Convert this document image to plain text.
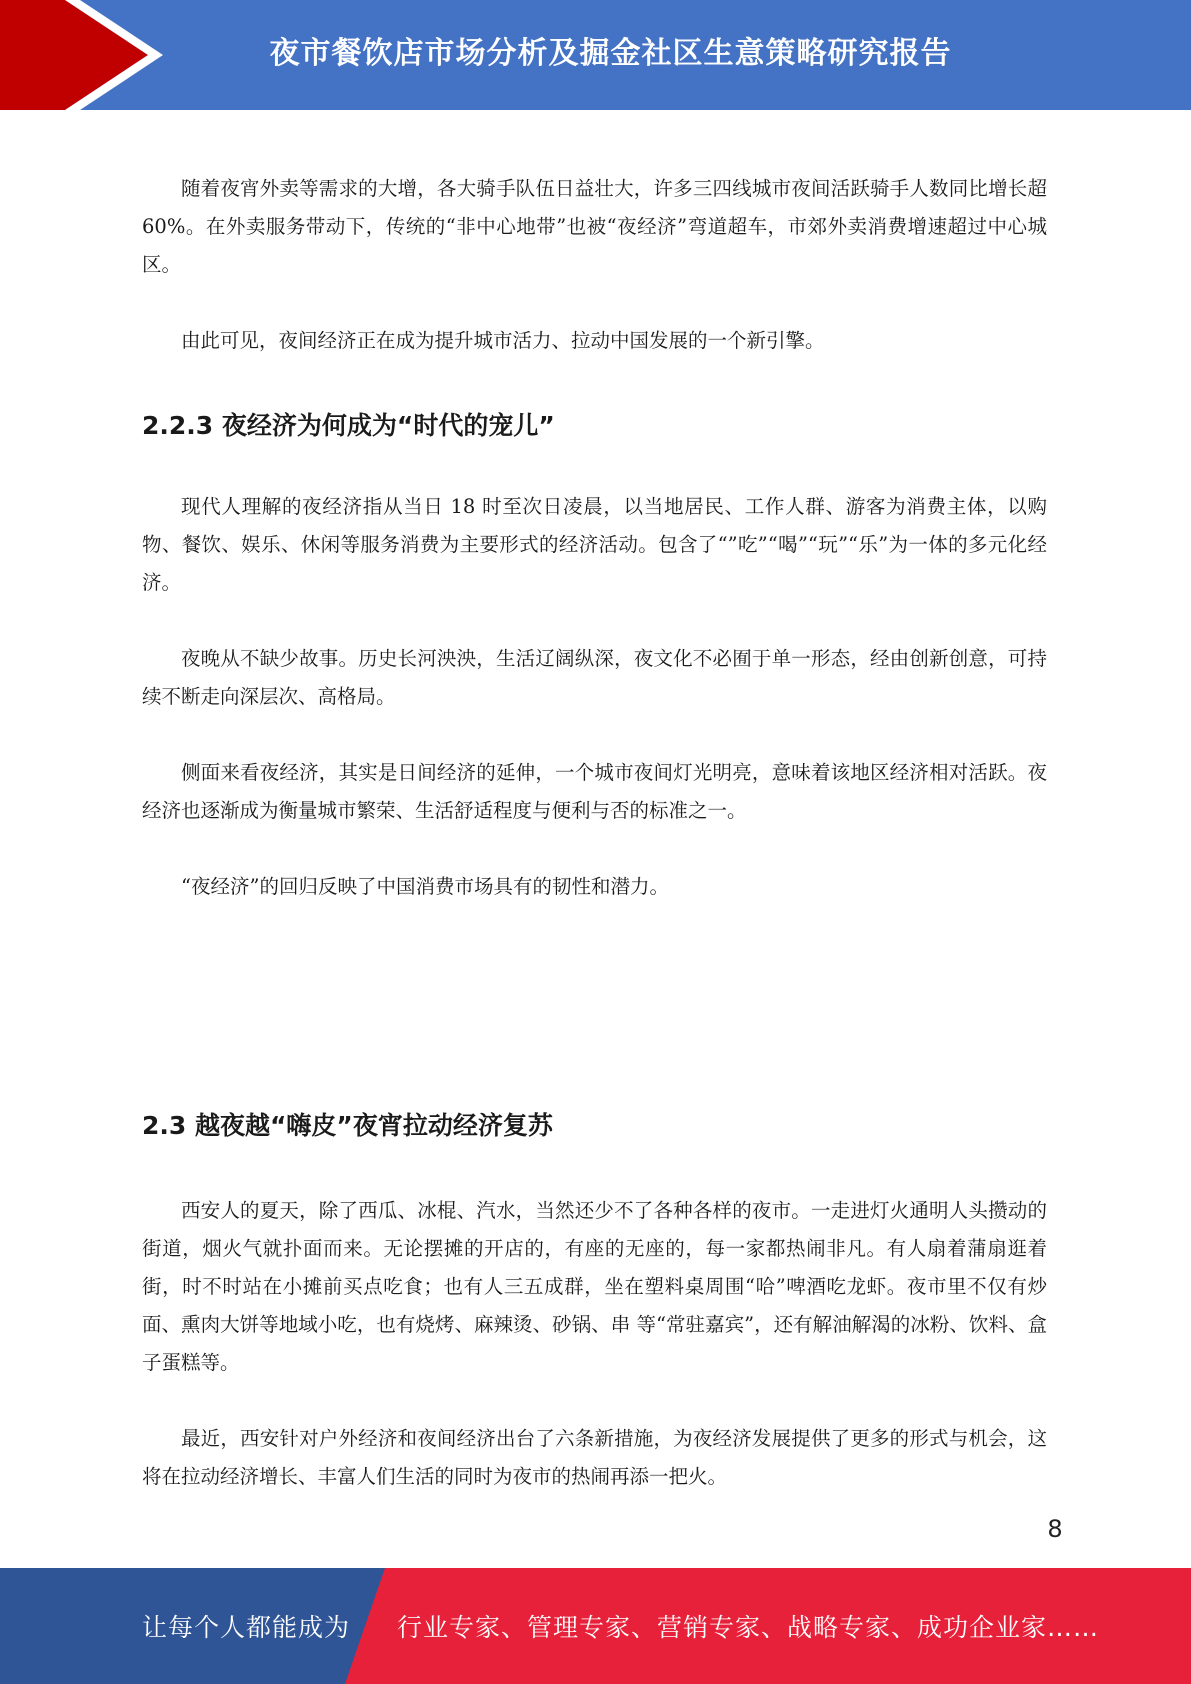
夜市餐饮店市场分析及掘金社区生意策略研究报告

随着夜宵外卖等需求的大增，各大骑手队伍日益壮大，许多三四线城市夜间活跃骑手人数同比增长超 60%。在外卖服务带动下，传统的“非中心地带”也被“夜经济”弯道超车，市郊外卖消费增速超过中心城区。

由此可见，夜间经济正在成为提升城市活力、拉动中国发展的一个新引擎。

2.2.3 夜经济为何成为“时代的宠儿”

现代人理解的夜经济指从当日 18 时至次日凌晨，以当地居民、工作人群、游客为消费主体，以购物、餐饮、娱乐、休闲等服务消费为主要形式的经济活动。包含了“”吃”“喝”“玩”“乐”为一体的多元化经济。

夜晚从不缺少故事。历史长河泱泱，生活辽阔纵深，夜文化不必囿于单一形态，经由创新创意，可持续不断走向深层次、高格局。

侧面来看夜经济，其实是日间经济的延伸，一个城市夜间灯光明亮，意味着该地区经济相对活跃。夜经济也逐渐成为衡量城市繁荣、生活舒适程度与便利与否的标准之一。

“夜经济”的回归反映了中国消费市场具有的韧性和潜力。

2.3 越夜越“嗨皮”夜宵拉动经济复苏

西安人的夏天，除了西瓜、冰棍、汽水，当然还少不了各种各样的夜市。一走进灯火通明人头攒动的街道，烟火气就扑面而来。无论摆摊的开店的，有座的无座的，每一家都热闹非凡。有人扇着蒲扇逛着街，时不时站在小摊前买点吃食；也有人三五成群，坐在塑料桌周围“哈”啤酒吃龙虾。夜市里不仅有炒面、熏肉大饼等地域小吃，也有烧烤、麻辣烫、砂锅、串 等“常驻嘉宾”，还有解油解渴的冰粉、饮料、盒子蛋糕等。

最近，西安针对户外经济和夜间经济出台了六条新措施，为夜经济发展提供了更多的形式与机会，这将在拉动经济增长、丰富人们生活的同时为夜市的热闹再添一把火。

8
让每个人都能成为 行业专家、管理专家、营销专家、战略专家、成功企业家……
